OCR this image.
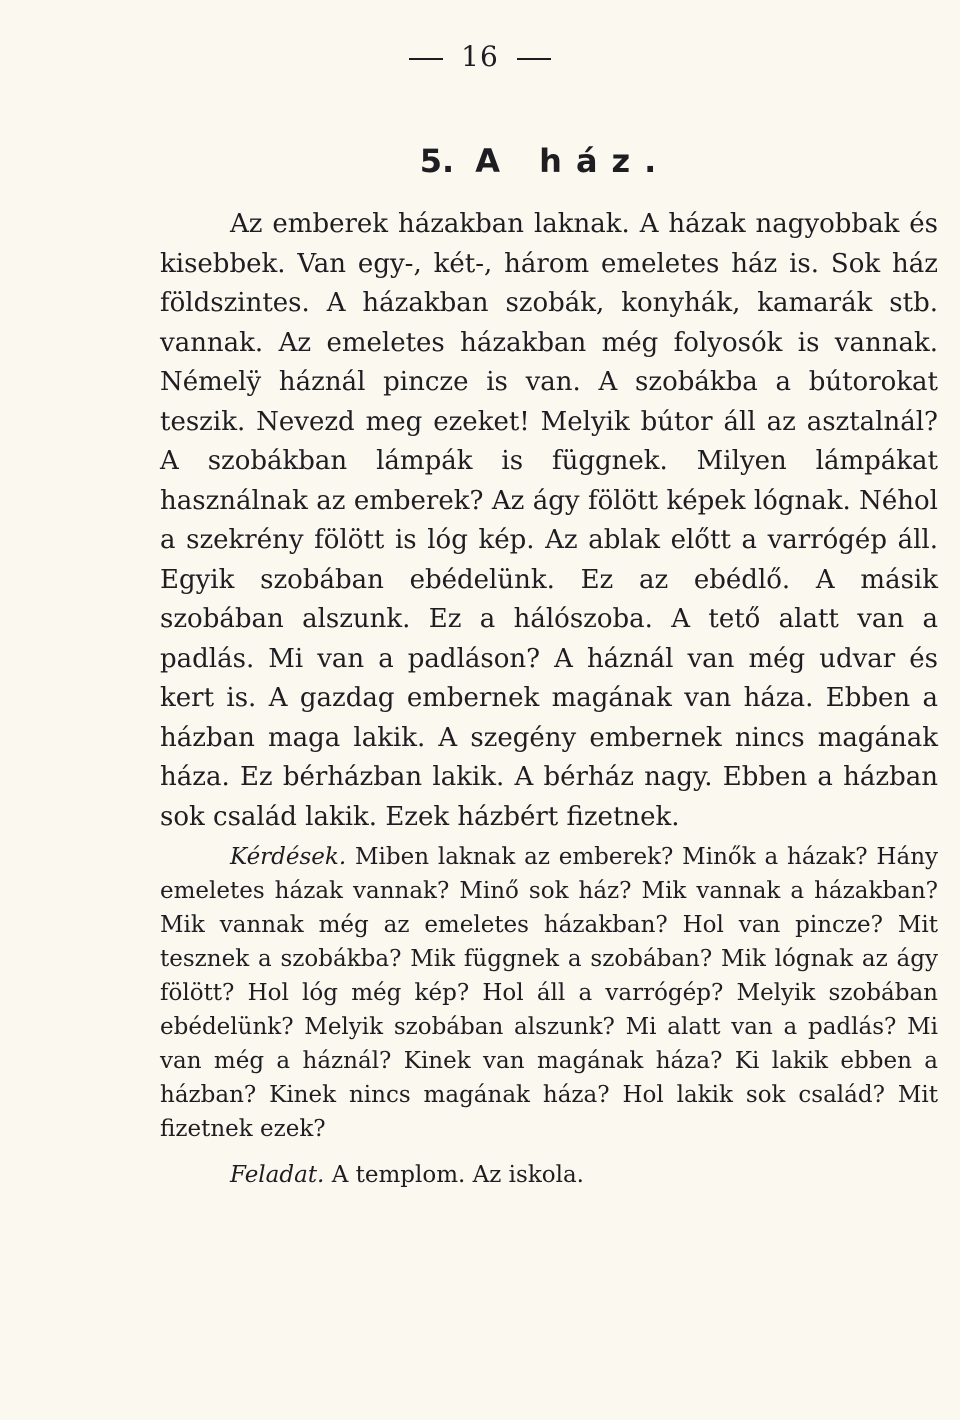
16
5. A ház.

Az emberek házakban laknak. A házak nagyobbak és kisebbek. Van egy-, két-, három emeletes ház is. Sok ház földszintes. A házakban szobák, konyhák, kamarák stb. vannak. Az emeletes házakban még folyosók is vannak. Némelÿ háznál pincze is van. A szobákba a bútorokat teszik. Nevezd meg ezeket! Melyik bútor áll az asztalnál? A szobákban lámpák is függnek. Milyen lámpákat használnak az emberek? Az ágy fölött képek lógnak. Néhol a szekrény fölött is lóg kép. Az ablak előtt a varrógép áll. Egyik szobában ebédelünk. Ez az ebédlő. A másik szobában alszunk. Ez a hálószoba. A tető alatt van a padlás. Mi van a padláson? A háznál van még udvar és kert is. A gazdag embernek magának van háza. Ebben a házban maga lakik. A szegény embernek nincs magának háza. Ez bérházban lakik. A bérház nagy. Ebben a házban sok család lakik. Ezek házbért fizetnek.

Kérdések. Miben laknak az emberek? Minők a házak? Hány emeletes házak vannak? Minő sok ház? Mik vannak a házakban? Mik vannak még az emeletes házakban? Hol van pincze? Mit tesznek a szobákba? Mik függnek a szobában? Mik lógnak az ágy fölött? Hol lóg még kép? Hol áll a varrógép? Melyik szobában ebédelünk? Melyik szobában alszunk? Mi alatt van a padlás? Mi van még a háznál? Kinek van magának háza? Ki lakik ebben a házban? Kinek nincs magának háza? Hol lakik sok család? Mit fizetnek ezek?

Feladat. A templom. Az iskola.
